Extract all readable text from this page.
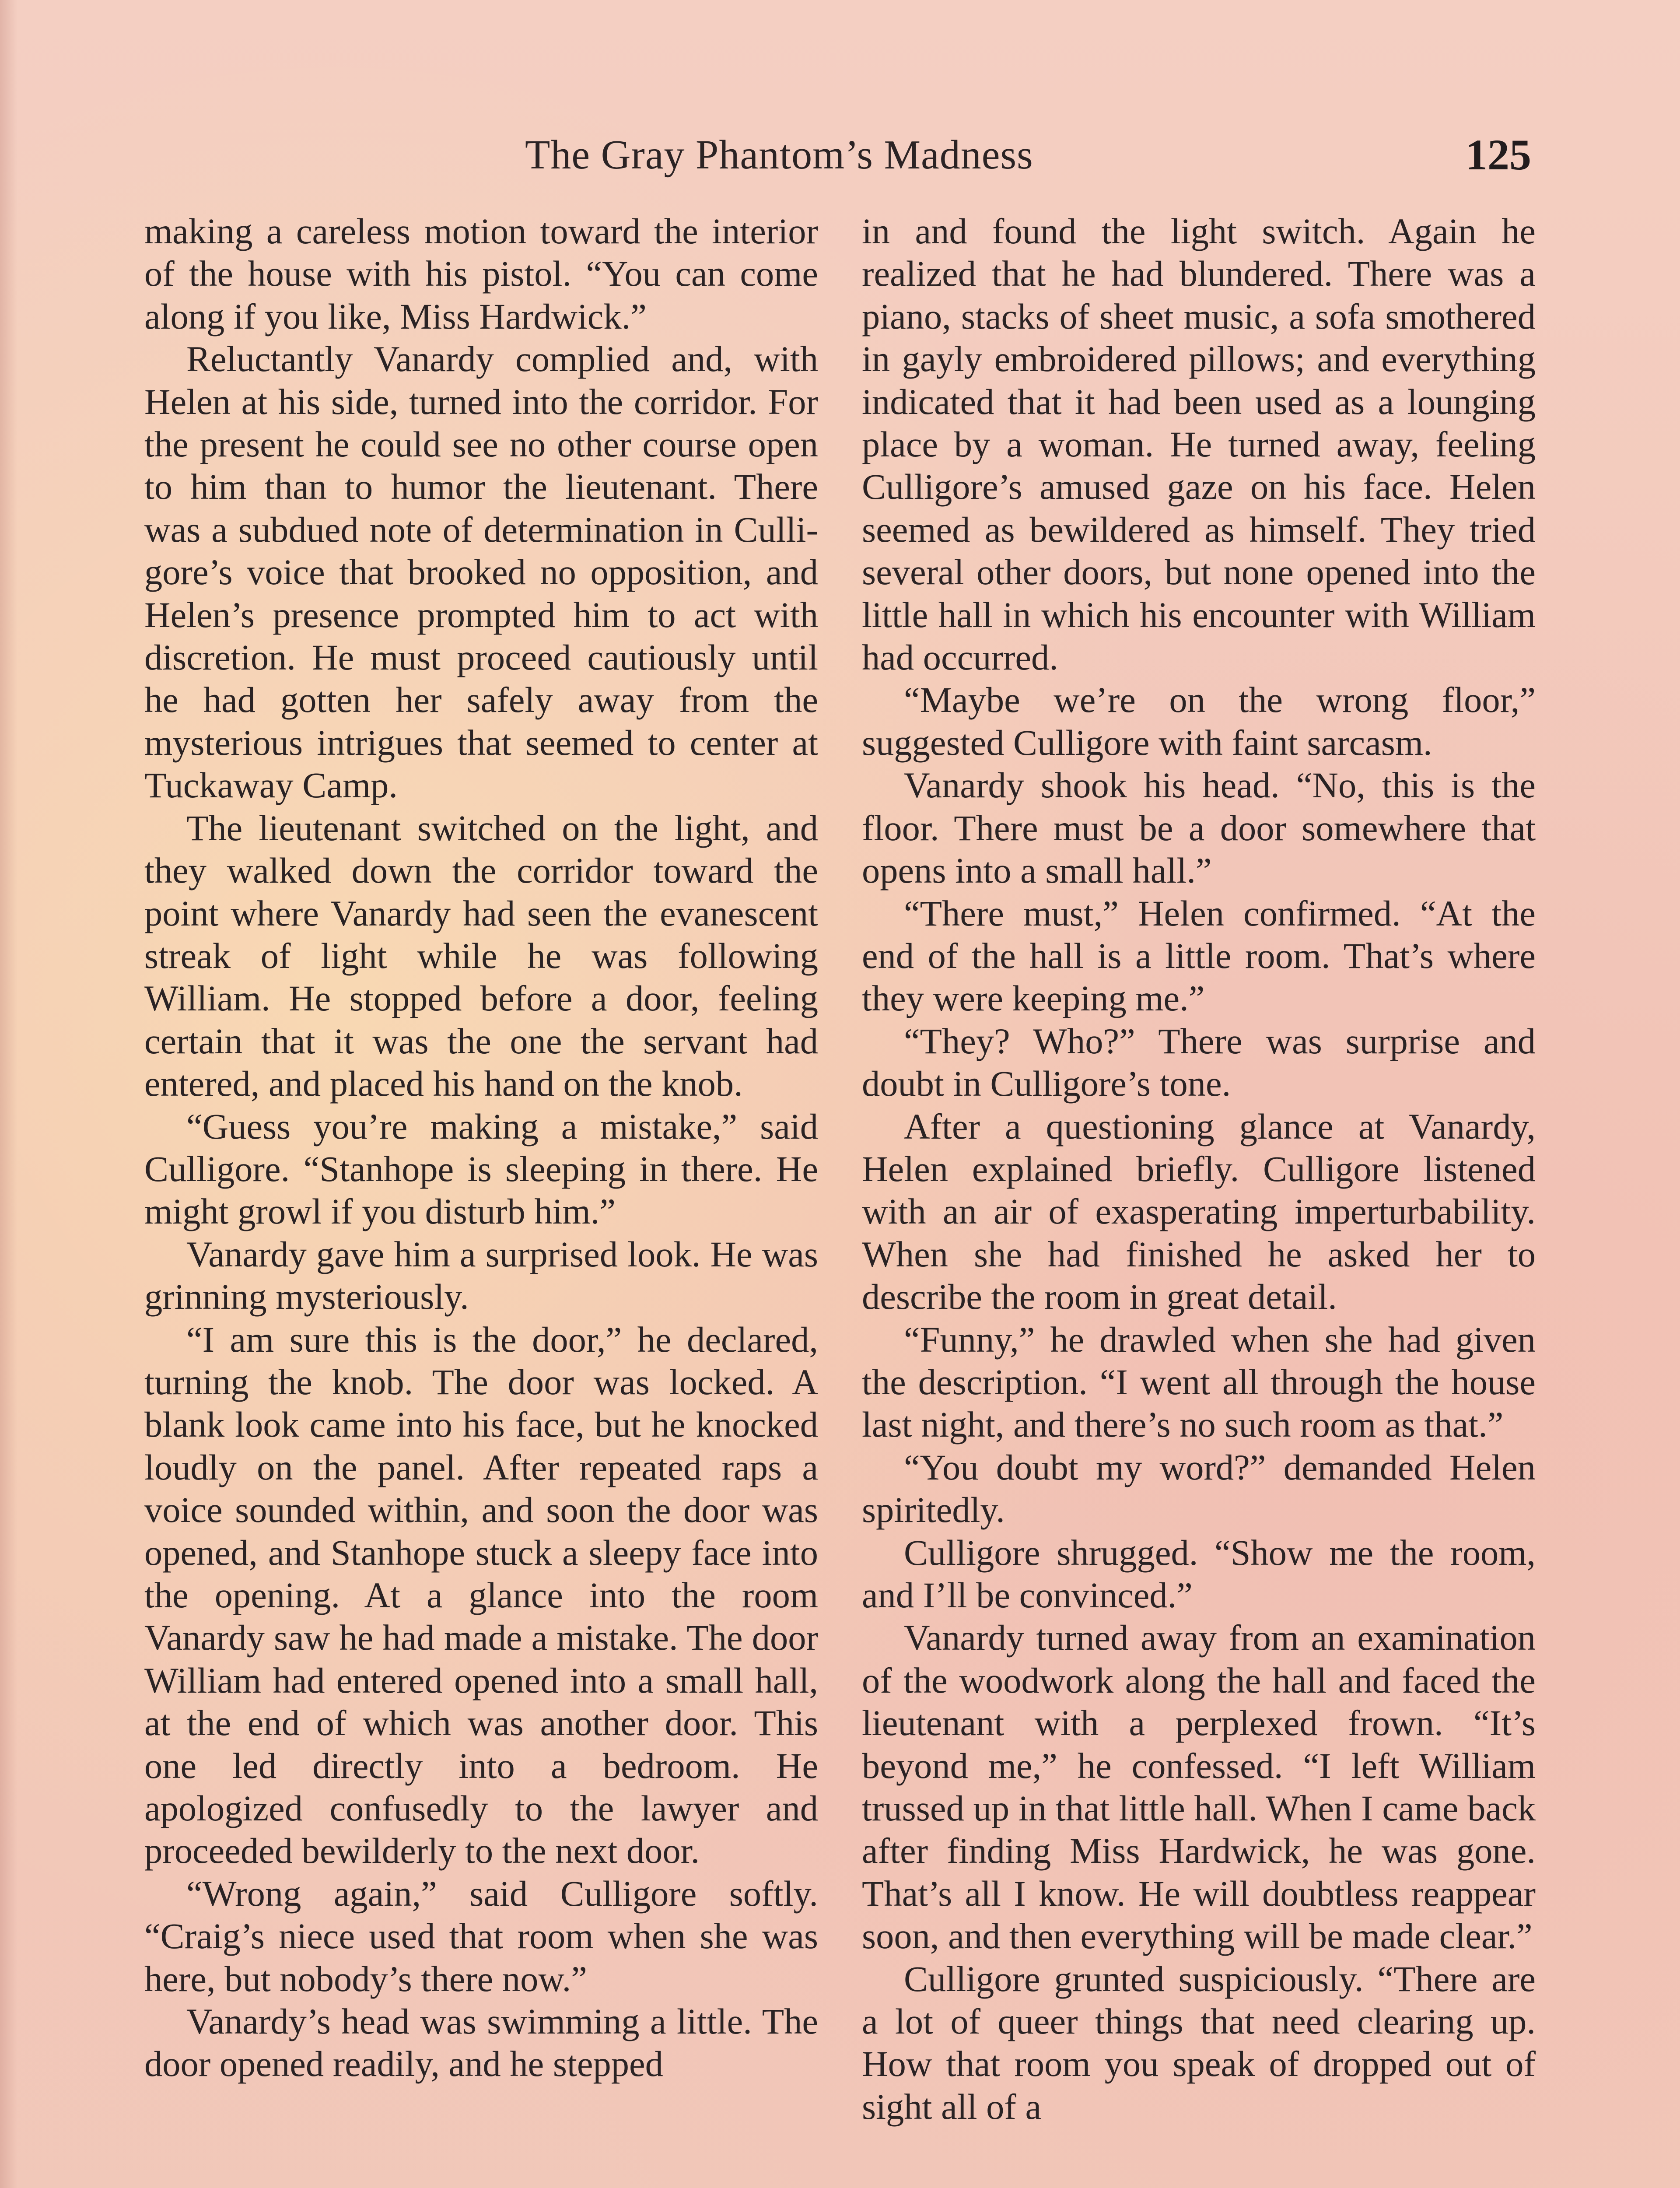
The Gray Phantom’s Madness	125

making a careless motion toward the interior of the house with his pistol. “You can come along if you like, Miss Hardwick.”

Reluctantly Vanardy complied and, with Helen at his side, turned into the corridor. For the present he could see no other course open to him than to humor the lieutenant. There was a subdued note of determination in Culligore’s voice that brooked no opposition, and Helen’s presence prompted him to act with discretion. He must proceed cautiously until he had gotten her safely away from the mysterious intrigues that seemed to center at Tuckaway Camp.

The lieutenant switched on the light, and they walked down the corridor toward the point where Vanardy had seen the evanescent streak of light while he was following William. He stopped before a door, feeling certain that it was the one the servant had entered, and placed his hand on the knob.

“Guess you’re making a mistake,” said Culligore. “Stanhope is sleeping in there. He might growl if you disturb him.”

Vanardy gave him a surprised look. He was grinning mysteriously.

“I am sure this is the door,” he declared, turning the knob. The door was locked. A blank look came into his face, but he knocked loudly on the panel. After repeated raps a voice sounded within, and soon the door was opened, and Stanhope stuck a sleepy face into the opening. At a glance into the room Vanardy saw he had made a mistake. The door William had entered opened into a small hall, at the end of which was another door. This one led directly into a bedroom. He apologized confusedly to the lawyer and proceeded bewilderly to the next door.

“Wrong again,” said Culligore softly. “Craig’s niece used that room when she was here, but nobody’s there now.”

Vanardy’s head was swimming a little. The door opened readily, and he stepped

in and found the light switch. Again he realized that he had blundered. There was a piano, stacks of sheet music, a sofa smothered in gayly embroidered pillows; and everything indicated that it had been used as a lounging place by a woman. He turned away, feeling Culligore’s amused gaze on his face. Helen seemed as bewildered as himself. They tried several other doors, but none opened into the little hall in which his encounter with William had occurred.

“Maybe we’re on the wrong floor,” suggested Culligore with faint sarcasm.

Vanardy shook his head. “No, this is the floor. There must be a door somewhere that opens into a small hall.”

“There must,” Helen confirmed. “At the end of the hall is a little room. That’s where they were keeping me.”

“They? Who?” There was surprise and doubt in Culligore’s tone.

After a questioning glance at Vanardy, Helen explained briefly. Culligore listened with an air of exasperating imperturbability. When she had finished he asked her to describe the room in great detail.

“Funny,” he drawled when she had given the description. “I went all through the house last night, and there’s no such room as that.”

“You doubt my word?” demanded Helen spiritedly.

Culligore shrugged. “Show me the room, and I’ll be convinced.”

Vanardy turned away from an examination of the woodwork along the hall and faced the lieutenant with a perplexed frown. “It’s beyond me,” he confessed. “I left William trussed up in that little hall. When I came back after finding Miss Hardwick, he was gone. That’s all I know. He will doubtless reappear soon, and then everything will be made clear.”

Culligore grunted suspiciously. “There are a lot of queer things that need clearing up. How that room you speak of dropped out of sight all of a
